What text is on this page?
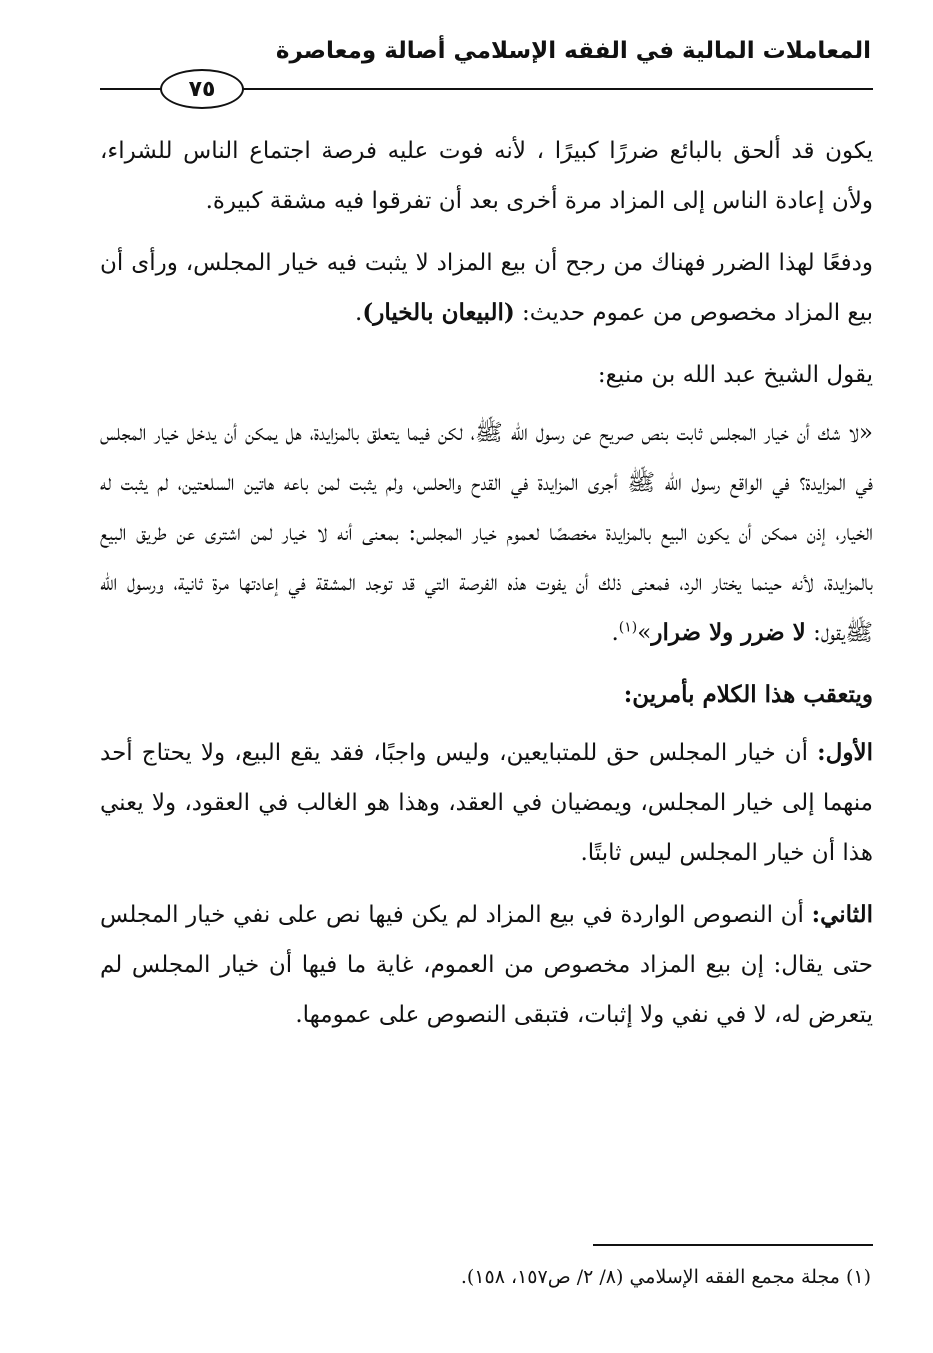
المعاملات المالية في الفقه الإسلامي أصالة ومعاصرة
٧٥

يكون قد ألحق بالبائع ضررًا كبيرًا ، لأنه فوت عليه فرصة اجتماع الناس للشراء، ولأن إعادة الناس إلى المزاد مرة أخرى بعد أن تفرقوا فيه مشقة كبيرة.

ودفعًا لهذا الضرر فهناك من رجح أن بيع المزاد لا يثبت فيه خيار المجلس، ورأى أن بيع المزاد مخصوص من عموم حديث: (البيعان بالخيار).

يقول الشيخ عبد الله بن منيع:

«لا شك أن خيار المجلس ثابت بنص صريح عن رسول الله ﷺ، لكن فيما يتعلق بالمزايدة، هل يمكن أن يدخل خيار المجلس في المزايدة؟ في الواقع رسول الله ﷺ أجرى المزايدة في القدح والحلس، ولم يثبت لمن باعه هاتين السلعتين، لم يثبت له الخيار، إذن ممكن أن يكون البيع بالمزايدة مخصصًا لعموم خيار المجلس: بمعنى أنه لا خيار لمن اشترى عن طريق البيع بالمزايدة، لأنه حينما يختار الرد، فمعنى ذلك أن يفوت هذه الفرصة التي قد توجد المشقة في إعادتها مرة ثانية، ورسول الله ﷺيقول: لا ضرر ولا ضرار»$^{(١)}$.

ويتعقب هذا الكلام بأمرين:

الأول: أن خيار المجلس حق للمتبايعين، وليس واجبًا، فقد يقع البيع، ولا يحتاج أحد منهما إلى خيار المجلس، ويمضيان في العقد، وهذا هو الغالب في العقود، ولا يعني هذا أن خيار المجلس ليس ثابتًا.

الثاني: أن النصوص الواردة في بيع المزاد لم يكن فيها نص على نفي خيار المجلس حتى يقال: إن بيع المزاد مخصوص من العموم، غاية ما فيها أن خيار المجلس لم يتعرض له، لا في نفي ولا إثبات، فتبقى النصوص على عمومها.

(١) مجلة مجمع الفقه الإسلامي (٨/ ٢/ ص١٥٧، ١٥٨).
